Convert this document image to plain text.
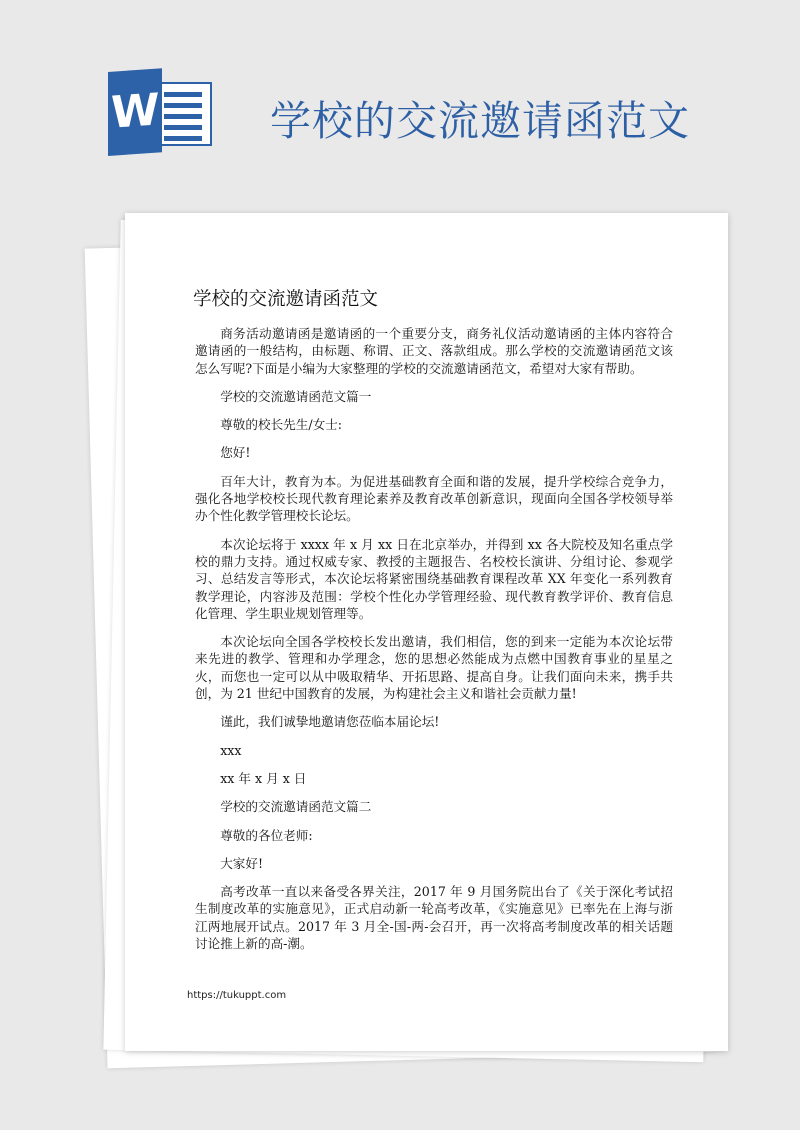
W	学校的交流邀请函范文
学校的交流邀请函范文

商务活动邀请函是邀请函的一个重要分支，商务礼仪活动邀请函的主体内容符合邀请函的一般结构，由标题、称谓、正文、落款组成。那么学校的交流邀请函范文该怎么写呢?下面是小编为大家整理的学校的交流邀请函范文，希望对大家有帮助。

学校的交流邀请函范文篇一

尊敬的校长先生/女士:

您好!

百年大计，教育为本。为促进基础教育全面和谐的发展，提升学校综合竞争力，强化各地学校校长现代教育理论素养及教育改革创新意识，现面向全国各学校领导举办个性化教学管理校长论坛。

本次论坛将于 xxxx 年 x 月 xx 日在北京举办，并得到 xx 各大院校及知名重点学校的鼎力支持。通过权威专家、教授的主题报告、名校校长演讲、分组讨论、参观学习、总结发言等形式，本次论坛将紧密围绕基础教育课程改革 XX 年变化一系列教育教学理论，内容涉及范围：学校个性化办学管理经验、现代教育教学评价、教育信息化管理、学生职业规划管理等。

本次论坛向全国各学校校长发出邀请，我们相信，您的到来一定能为本次论坛带来先进的教学、管理和办学理念，您的思想必然能成为点燃中国教育事业的星星之火，而您也一定可以从中吸取精华、开拓思路、提高自身。让我们面向未来，携手共创，为 21 世纪中国教育的发展，为构建社会主义和谐社会贡献力量!

谨此，我们诚挚地邀请您莅临本届论坛!

xxx

xx 年 x 月 x 日

学校的交流邀请函范文篇二

尊敬的各位老师:

大家好!

高考改革一直以来备受各界关注，2017 年 9 月国务院出台了《关于深化考试招生制度改革的实施意见》，正式启动新一轮高考改革，《实施意见》已率先在上海与浙江两地展开试点。2017 年 3 月全-国-两-会召开，再一次将高考制度改革的相关话题讨论推上新的高-潮。

https://tukuppt.com
